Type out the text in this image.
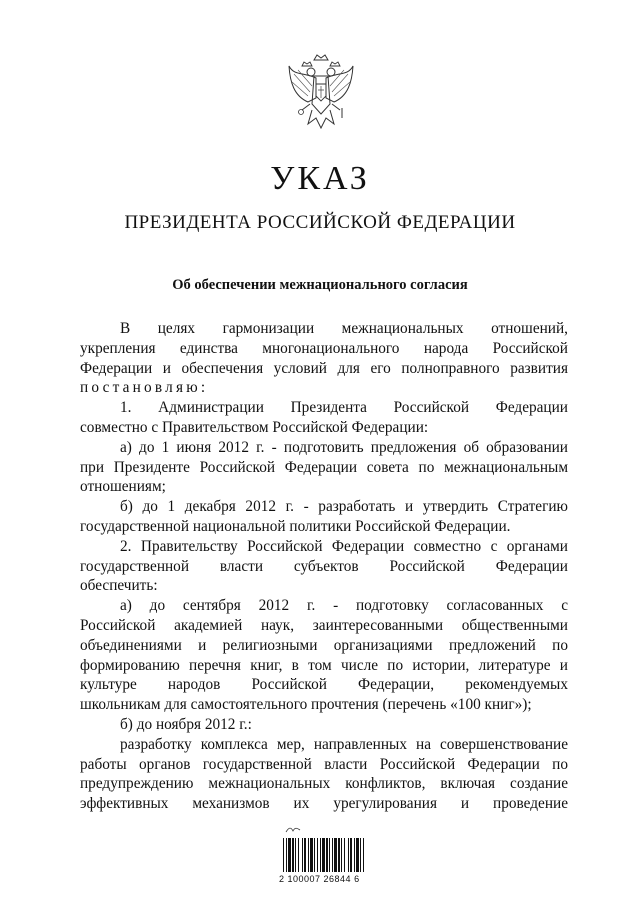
УКАЗ
ПРЕЗИДЕНТА РОССИЙСКОЙ ФЕДЕРАЦИИ
Об обеспечении межнационального согласия

В целях гармонизации межнациональных отношений,

укрепления единства многонационального народа Российской

Федерации и обеспечения условий для его полноправного развития

постановляю:

1. Администрации Президента Российской Федерации

совместно с Правительством Российской Федерации:

а) до 1 июня 2012 г. - подготовить предложения об образовании

при Президенте Российской Федерации совета по межнациональным

отношениям;

б) до 1 декабря 2012 г. - разработать и утвердить Стратегию

государственной национальной политики Российской Федерации.

2. Правительству Российской Федерации совместно с органами

государственной власти субъектов Российской Федерации

обеспечить:

а) до сентября 2012 г. - подготовку согласованных с

Российской академией наук, заинтересованными общественными

объединениями и религиозными организациями предложений по

формированию перечня книг, в том числе по истории, литературе и

культуре народов Российской Федерации, рекомендуемых

школьникам для самостоятельного прочтения (перечень «100 книг»);

б) до ноября 2012 г.:

разработку комплекса мер, направленных на совершенствование

работы органов государственной власти Российской Федерации по

предупреждению межнациональных конфликтов, включая создание

эффективных механизмов их урегулирования и проведение

2 100007 26844 6
